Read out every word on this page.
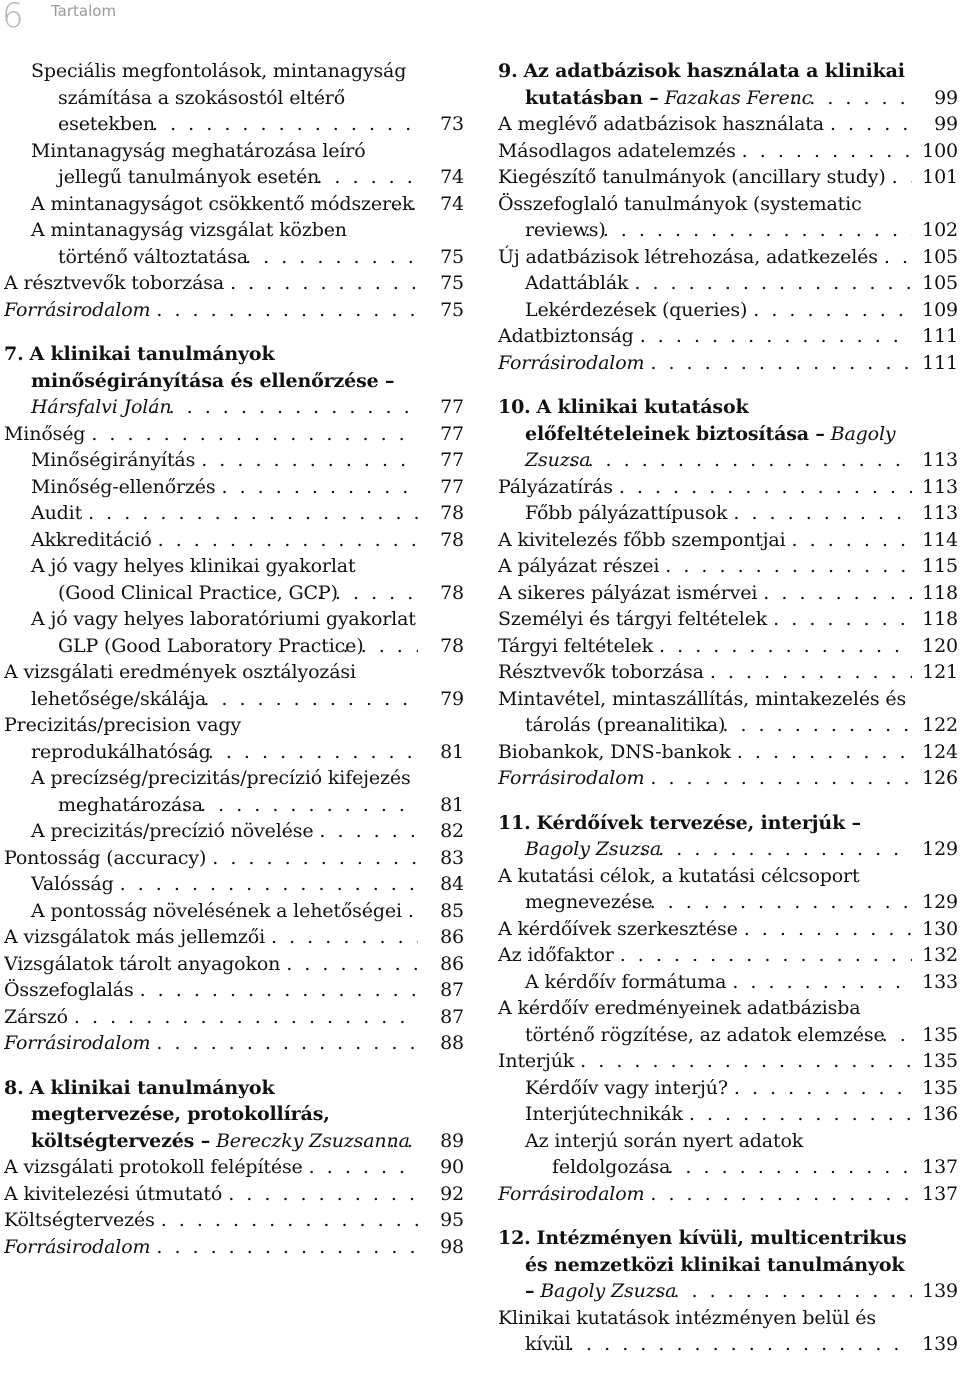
6 Tartalom
Speciális megfontolások, mintanagyság számítása a szokásostól eltérő esetekben . . .	73
Mintanagyság meghatározása leíró jellegű tanulmányok esetén . . .	74
A mintanagyságot csökkentő módszerek . . .	74
A mintanagyság vizsgálat közben történő változtatása . . .	75
A résztvevők toborzása . . .	75
Forrásirodalom . . .	75
7. A klinikai tanulmányok minőségirányítása és ellenőrzése – Hársfalvi Jolán . . .	77
Minőség . . .	77
Minőségirányítás . . .	77
Minőség-ellenőrzés . . .	77
Audit . . .	78
Akkreditáció . . .	78
A jó vagy helyes klinikai gyakorlat (Good Clinical Practice, GCP) . . .	78
A jó vagy helyes laboratóriumi gyakorlat GLP (Good Laboratory Practice) . . .	78
A vizsgálati eredmények osztályozási lehetősége/skálája . . .	79
Precizitás/precision vagy reprodukálhatóság . . .	81
A precízség/precizitás/precízió kifejezés meghatározása . . .	81
A precizitás/precízió növelése . . .	82
Pontosság (accuracy) . . .	83
Valósság . . .	84
A pontosság növelésének a lehetőségei . . .	85
A vizsgálatok más jellemzői . . .	86
Vizsgálatok tárolt anyagokon . . .	86
Összefoglalás . . .	87
Zárszó . . .	87
Forrásirodalom . . .	88
8. A klinikai tanulmányok megtervezése, protokollírás, költségtervezés – Bereczky Zsuzsanna . . .	89
A vizsgálati protokoll felépítése . . .	90
A kivitelezési útmutató . . .	92
Költségtervezés . . .	95
Forrásirodalom . . .	98
9. Az adatbázisok használata a klinikai kutatásban – Fazakas Ferenc . . .	99
A meglévő adatbázisok használata . . .	99
Másodlagos adatelemzés . . .	100
Kiegészítő tanulmányok (ancillary study) . . .	101
Összefoglaló tanulmányok (systematic reviews) . . .	102
Új adatbázisok létrehozása, adatkezelés . . .	105
Adattáblák . . .	105
Lekérdezések (queries) . . .	109
Adatbiztonság . . .	111
Forrásirodalom . . .	111
10. A klinikai kutatások előfeltételeinek biztosítása – Bagoly Zsuzsa . . .	113
Pályázatírás . . .	113
Főbb pályázattípusok . . .	113
A kivitelezés főbb szempontjai . . .	114
A pályázat részei . . .	115
A sikeres pályázat ismérvei . . .	118
Személyi és tárgyi feltételek . . .	118
Tárgyi feltételek . . .	120
Résztvevők toborzása . . .	121
Mintavétel, mintaszállítás, mintakezelés és tárolás (preanalitika) . . .	122
Biobankok, DNS-bankok . . .	124
Forrásirodalom . . .	126
11. Kérdőívek tervezése, interjúk – Bagoly Zsuzsa . . .	129
A kutatási célok, a kutatási célcsoport megnevezése . . .	129
A kérdőívek szerkesztése . . .	130
Az időfaktor . . .	132
A kérdőív formátuma . . .	133
A kérdőív eredményeinek adatbázisba történő rögzítése, az adatok elemzése . . .	135
Interjúk . . .	135
Kérdőív vagy interjú? . . .	135
Interjútechnikák . . .	136
Az interjú során nyert adatok feldolgozása . . .	137
Forrásirodalom . . .	137
12. Intézményen kívüli, multicentrikus és nemzetközi klinikai tanulmányok – Bagoly Zsuzsa . . .	139
Klinikai kutatások intézményen belül és kívül . . .	139
